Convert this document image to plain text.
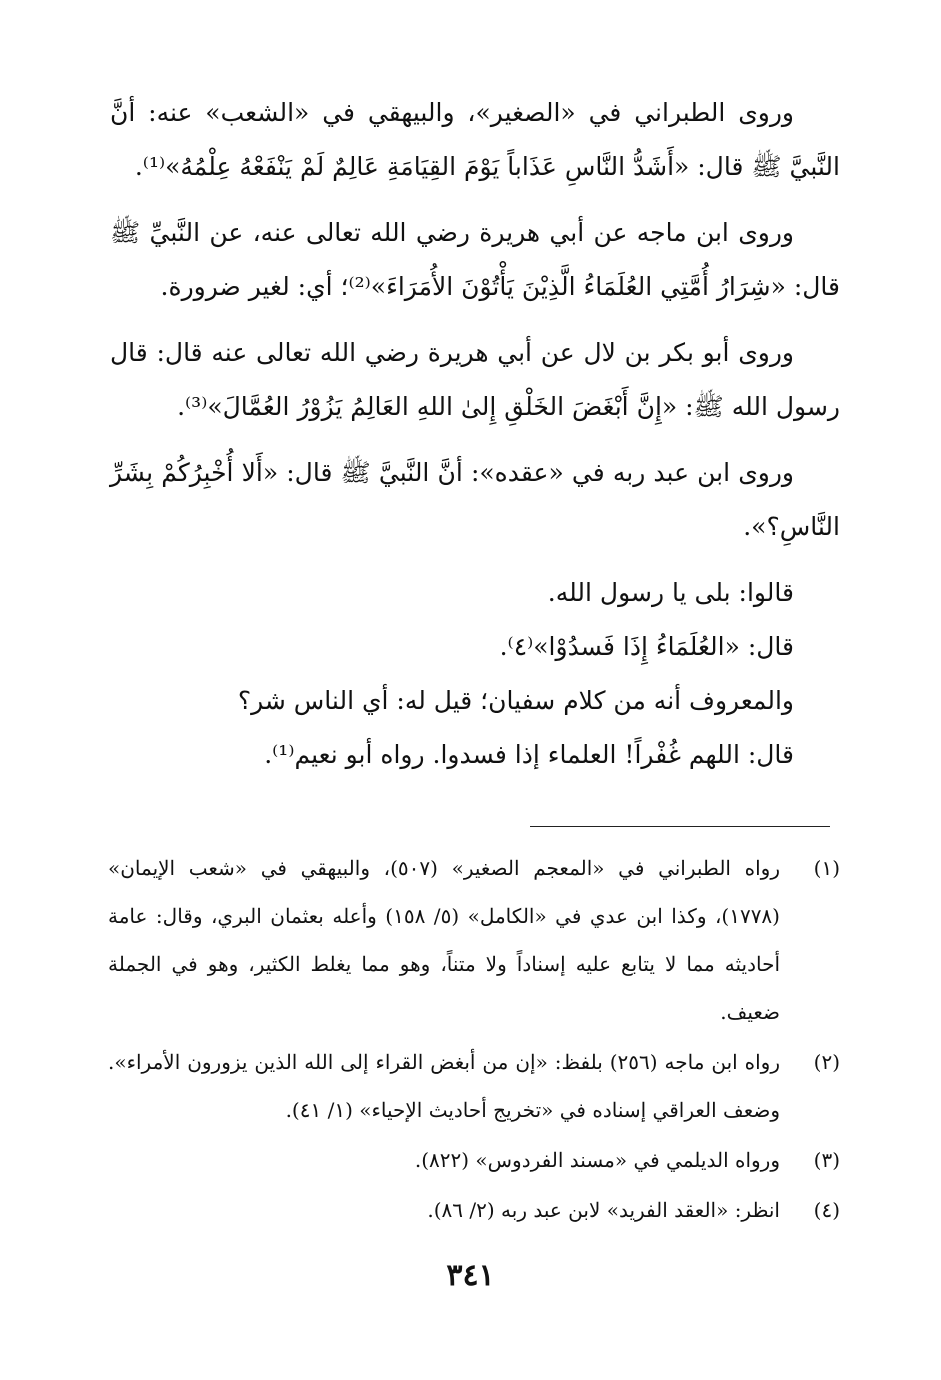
وروى الطبراني في «الصغير»، والبيهقي في «الشعب» عنه: أنَّ النَّبيَّ ﷺ قال: «أَشَدُّ النَّاسِ عَذَاباً يَوْمَ القِيَامَةِ عَالِمٌ لَمْ يَنْفَعْهُ عِلْمُهُ»⁽¹⁾.

وروى ابن ماجه عن أبي هريرة رضي الله تعالى عنه، عن النَّبيِّ ﷺ قال: «شِرَارُ أُمَّتِي العُلَمَاءُ الَّذِيْنَ يَأْتُوْنَ الأُمَرَاءَ»⁽²⁾؛ أي: لغير ضرورة.

وروى أبو بكر بن لال عن أبي هريرة رضي الله تعالى عنه قال: قال رسول الله ﷺ: «إِنَّ أَبْغَضَ الخَلْقِ إِلىٰ اللهِ العَالِمُ يَزُوْرُ العُمَّالَ»⁽³⁾.

وروى ابن عبد ربه في «عقده»: أنَّ النَّبيَّ ﷺ قال: «أَلا أُخْبِرُكُمْ بِشَرِّ النَّاسِ؟».

قالوا: بلى يا رسول الله.

قال: «العُلَمَاءُ إِذَا فَسدُوْا»⁽٤⁾.

والمعروف أنه من كلام سفيان؛ قيل له: أي الناس شر؟

قال: اللهم غُفْراً! العلماء إذا فسدوا. رواه أبو نعيم⁽¹⁾.

(١)
رواه الطبراني في «المعجم الصغير» (٥٠٧)، والبيهقي في «شعب الإيمان» (١٧٧٨)، وكذا ابن عدي في «الكامل» (٥/ ١٥٨) وأعله بعثمان البري، وقال: عامة أحاديثه مما لا يتابع عليه إسناداً ولا متناً، وهو مما يغلط الكثير، وهو في الجملة ضعيف.
(٢)
رواه ابن ماجه (٢٥٦) بلفظ: «إن من أبغض القراء إلى الله الذين يزورون الأمراء». وضعف العراقي إسناده في «تخريج أحاديث الإحياء» (١/ ٤١).
(٣)
ورواه الديلمي في «مسند الفردوس» (٨٢٢).
(٤)
انظر: «العقد الفريد» لابن عبد ربه (٢/ ٨٦).
٣٤١
